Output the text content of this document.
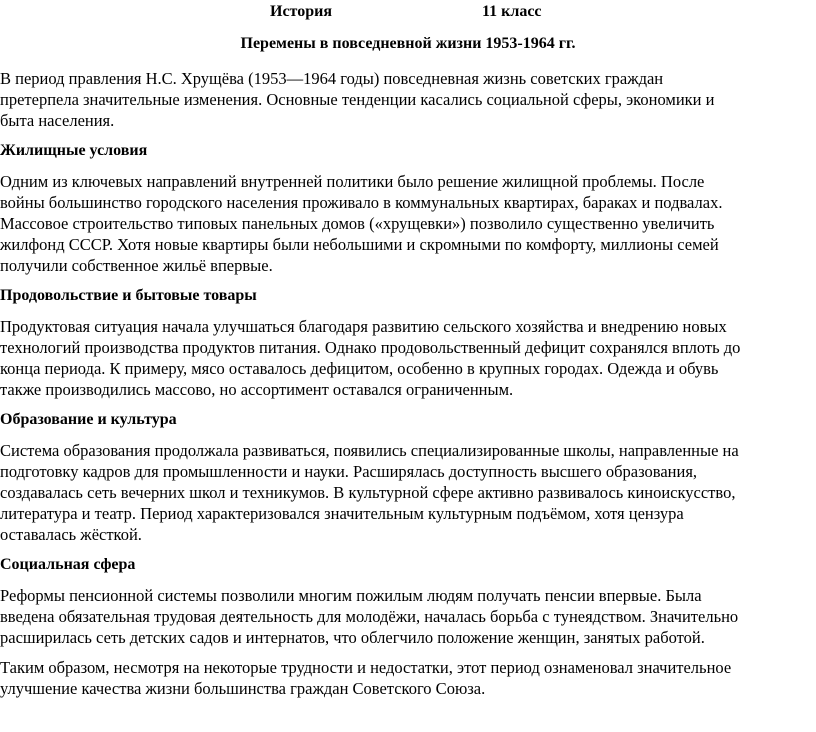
История	11 класс
Перемены в повседневной жизни 1953-1964 гг.

В период правления Н.С. Хрущёва (1953—1964 годы) повседневная жизнь советских граждан
претерпела значительные изменения. Основные тенденции касались социальной сферы, экономики и
быта населения.

Жилищные условия

Одним из ключевых направлений внутренней политики было решение жилищной проблемы. После
войны большинство городского населения проживало в коммунальных квартирах, бараках и подвалах.
Массовое строительство типовых панельных домов («хрущевки») позволило существенно увеличить
жилфонд СССР. Хотя новые квартиры были небольшими и скромными по комфорту, миллионы семей
получили собственное жильё впервые.

Продовольствие и бытовые товары

Продуктовая ситуация начала улучшаться благодаря развитию сельского хозяйства и внедрению новых
технологий производства продуктов питания. Однако продовольственный дефицит сохранялся вплоть до
конца периода. К примеру, мясо оставалось дефицитом, особенно в крупных городах. Одежда и обувь
также производились массово, но ассортимент оставался ограниченным.

Образование и культура

Система образования продолжала развиваться, появились специализированные школы, направленные на
подготовку кадров для промышленности и науки. Расширялась доступность высшего образования,
создавалась сеть вечерних школ и техникумов. В культурной сфере активно развивалось киноискусство,
литература и театр. Период характеризовался значительным культурным подъёмом, хотя цензура
оставалась жёсткой.

Социальная сфера

Реформы пенсионной системы позволили многим пожилым людям получать пенсии впервые. Была
введена обязательная трудовая деятельность для молодёжи, началась борьба с тунеядством. Значительно
расширилась сеть детских садов и интернатов, что облегчило положение женщин, занятых работой.

Таким образом, несмотря на некоторые трудности и недостатки, этот период ознаменовал значительное
улучшение качества жизни большинства граждан Советского Союза.
